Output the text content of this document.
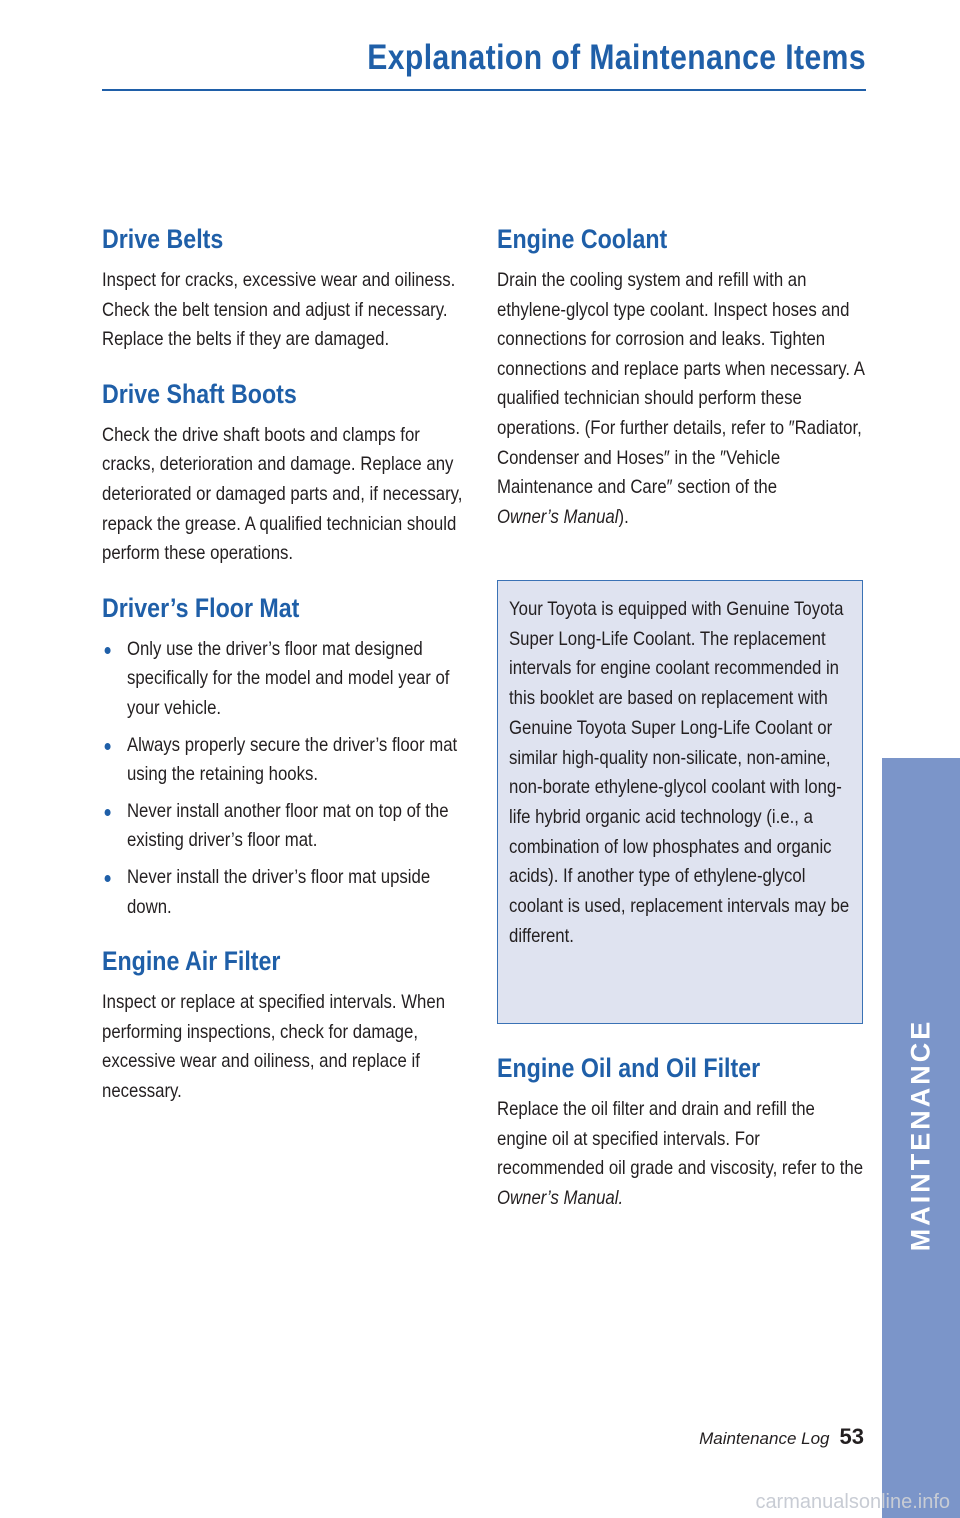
Explanation of Maintenance Items
Drive Belts

Inspect for cracks, excessive wear and oiliness. Check the belt tension and adjust if necessary. Replace the belts if they are damaged.

Drive Shaft Boots

Check the drive shaft boots and clamps for cracks, deterioration and damage. Replace any deteriorated or damaged parts and, if necessary, repack the grease. A qualified technician should perform these operations.

Driver’s Floor Mat
Only use the driver’s floor mat designed specifically for the model and model year of your vehicle.
Always properly secure the driver’s floor mat using the retaining hooks.
Never install another floor mat on top of the existing driver’s floor mat.
Never install the driver’s floor mat upside down.
Engine Air Filter

Inspect or replace at specified intervals. When performing inspections, check for damage, excessive wear and oiliness, and replace if necessary.

Engine Coolant

Drain the cooling system and refill with an ethylene-glycol type coolant. Inspect hoses and connections for corrosion and leaks. Tighten connections and replace parts when necessary. A qualified technician should perform these operations. (For further details, refer to ″Radiator, Condenser and Hoses″ in the ″Vehicle Maintenance and Care″ section of the
Owner’s Manual).

Your Toyota is equipped with Genuine Toyota Super Long-Life Coolant. The replacement intervals for engine coolant recommended in this booklet are based on replacement with Genuine Toyota Super Long-Life Coolant or similar high-quality non-silicate, non-amine, non-borate ethylene-glycol coolant with long-life hybrid organic acid technology (i.e., a combination of low phosphates and organic acids). If another type of ethylene-glycol coolant is used, replacement intervals may be different.

Engine Oil and Oil Filter

Replace the oil filter and drain and refill the engine oil at specified intervals. For recommended oil grade and viscosity, refer to the Owner’s Manual.	MAINTENANCE
Maintenance Log 53
carmanualsonline.info
